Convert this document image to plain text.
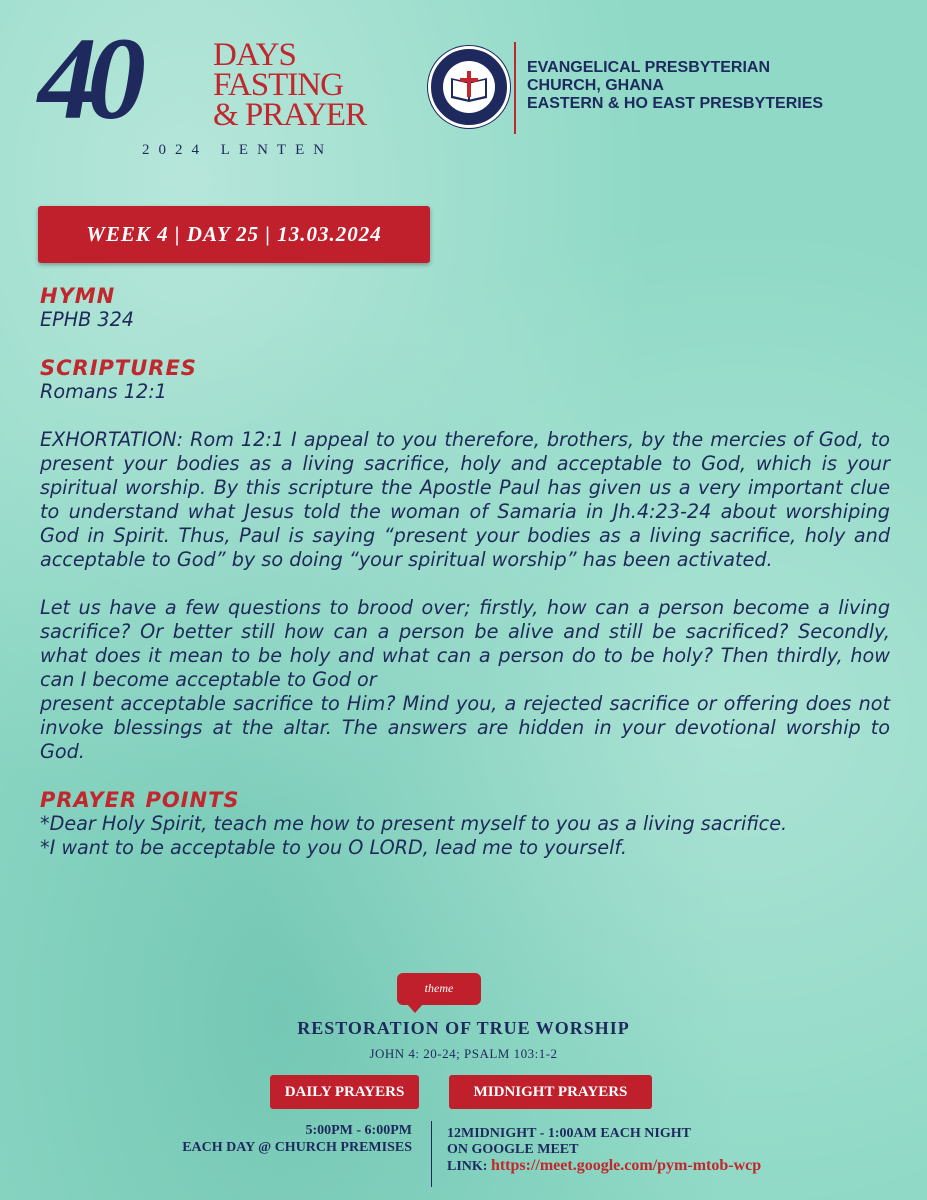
40 DAYS
FASTING
& PRAYER
2024 LENTEN
EVANGELICAL PRESBYTERIAN
CHURCH, GHANA
EASTERN & HO EAST PRESBYTERIES
WEEK 4 | DAY 25 | 13.03.2024
HYMN
EPHB 324
SCRIPTURES
Romans 12:1
EXHORTATION: Rom 12:1 I appeal to you therefore, brothers, by the mercies of God, to present your bodies as a living sacrifice, holy and acceptable to God, which is your spiritual worship. By this scripture the Apostle Paul has given us a very important clue to understand what Jesus told the woman of Samaria in Jh.4:23-24 about worshiping God in Spirit. Thus, Paul is saying “present your bodies as a living sacrifice, holy and acceptable to God” by so doing “your spiritual worship” has been activated.
Let us have a few questions to brood over; firstly, how can a person become a living sacrifice? Or better still how can a person be alive and still be sacrificed? Secondly, what does it mean to be holy and what can a person do to be holy? Then thirdly, how can I become acceptable to God or
present acceptable sacrifice to Him? Mind you, a rejected sacrifice or offering does not invoke blessings at the altar. The answers are hidden in your devotional worship to God.
PRAYER POINTS
*Dear Holy Spirit, teach me how to present myself to you as a living sacrifice.
*I want to be acceptable to you O LORD, lead me to yourself.
theme
RESTORATION OF TRUE WORSHIP
JOHN 4: 20-24; PSALM 103:1-2
DAILY PRAYERS	MIDNIGHT PRAYERS
5:00PM - 6:00PM
EACH DAY @ CHURCH PREMISES
12MIDNIGHT - 1:00AM EACH NIGHT
ON GOOGLE MEET
LINK: https://meet.google.com/pym-mtob-wcp
